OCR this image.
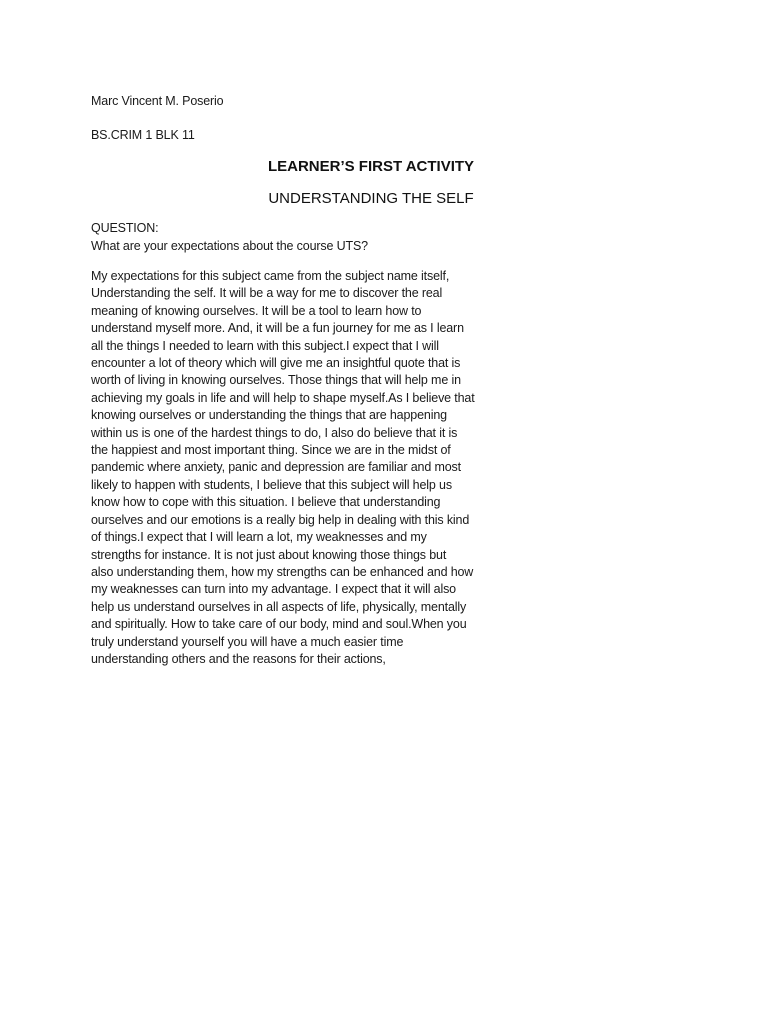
Marc Vincent M. Poserio
BS.CRIM 1 BLK 11
LEARNER’S FIRST ACTIVITY
UNDERSTANDING THE SELF
QUESTION:
What are your expectations about the course UTS?

My expectations for this subject came from the subject name itself,
Understanding the self. It will be a way for me to discover the real
meaning of knowing ourselves. It will be a tool to learn how to
understand myself more. And, it will be a fun journey for me as I learn
all the things I needed to learn with this subject.I expect that I will
encounter a lot of theory which will give me an insightful quote that is
worth of living in knowing ourselves. Those things that will help me in
achieving my goals in life and will help to shape myself.As I believe that
knowing ourselves or understanding the things that are happening
within us is one of the hardest things to do, I also do believe that it is
the happiest and most important thing. Since we are in the midst of
pandemic where anxiety, panic and depression are familiar and most
likely to happen with students, I believe that this subject will help us
know how to cope with this situation. I believe that understanding
ourselves and our emotions is a really big help in dealing with this kind
of things.I expect that I will learn a lot, my weaknesses and my
strengths for instance. It is not just about knowing those things but
also understanding them, how my strengths can be enhanced and how
my weaknesses can turn into my advantage. I expect that it will also
help us understand ourselves in all aspects of life, physically, mentally
and spiritually. How to take care of our body, mind and soul.When you
truly understand yourself you will have a much easier time
understanding others and the reasons for their actions,
